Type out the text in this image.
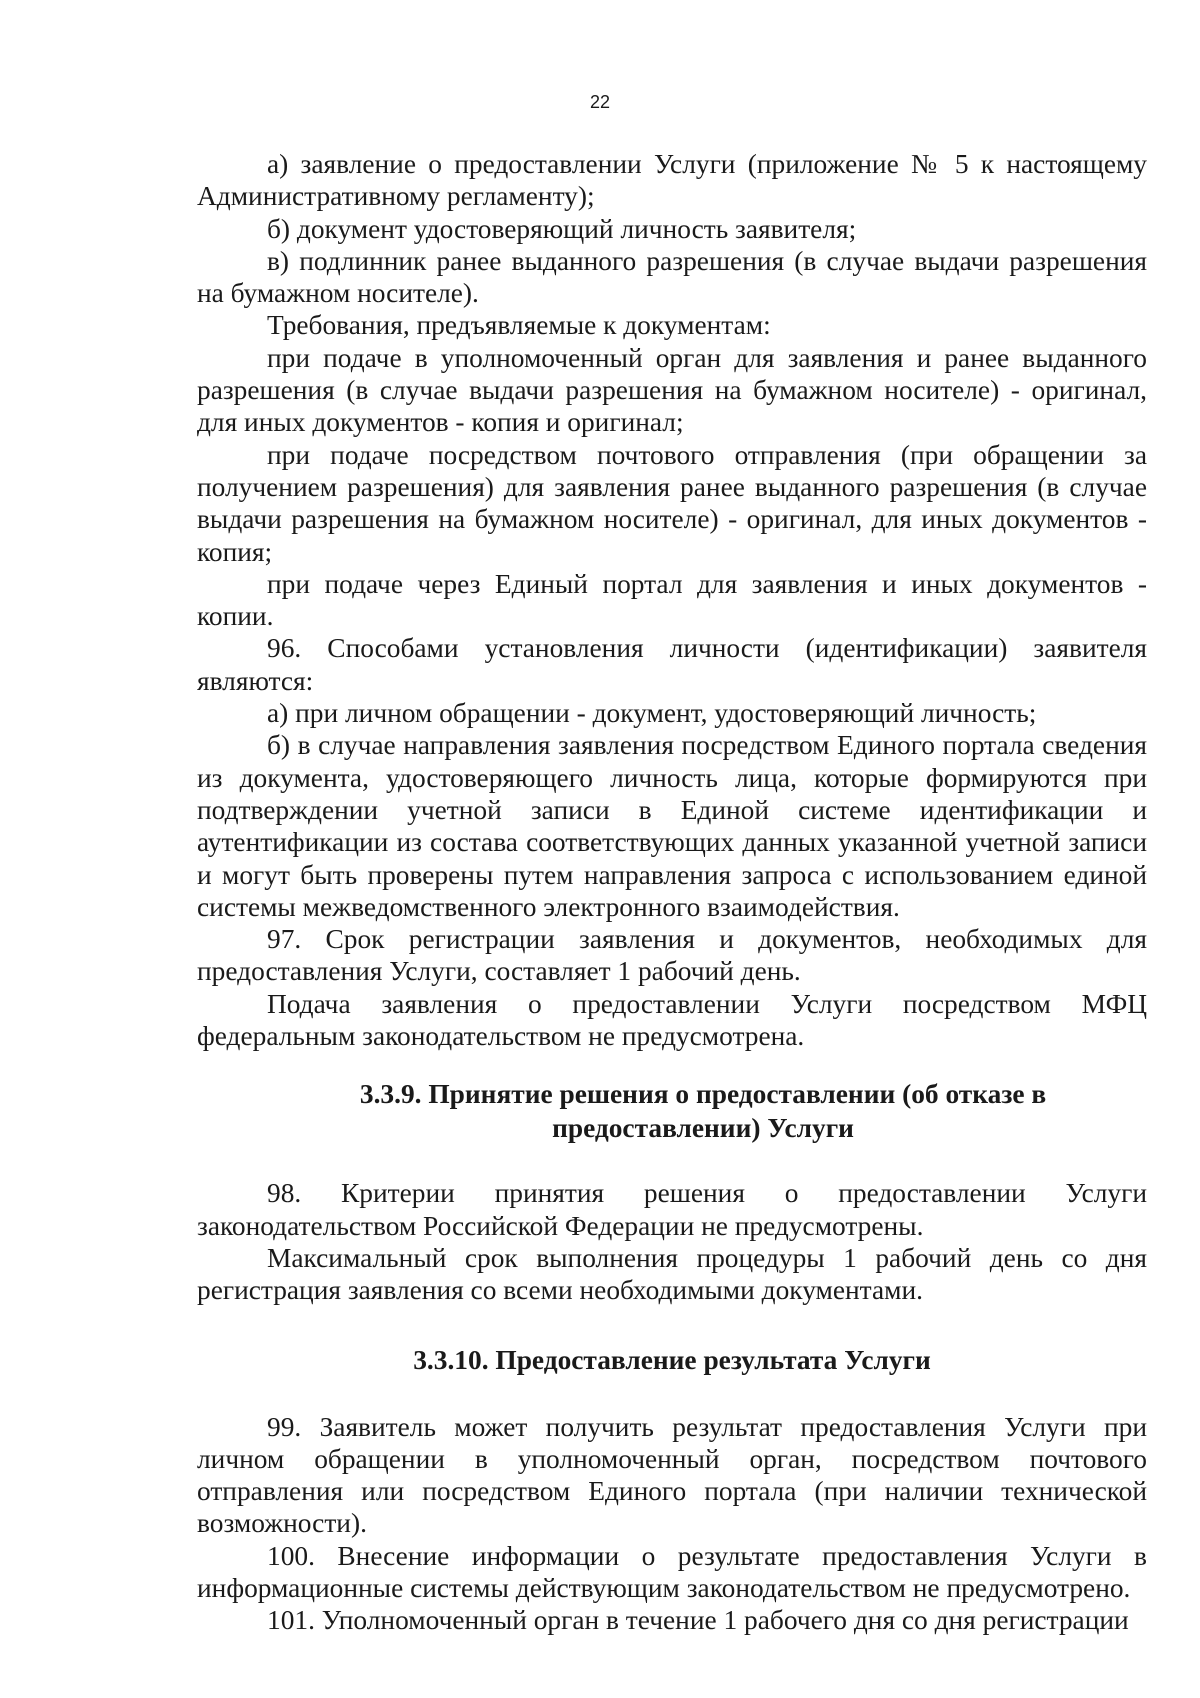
22

а) заявление о предоставлении Услуги (приложение № 5 к настоящему Административному регламенту);

б) документ удостоверяющий личность заявителя;

в) подлинник ранее выданного разрешения (в случае выдачи разрешения на бумажном носителе).

Требования, предъявляемые к документам:

при подаче в уполномоченный орган для заявления и ранее выданного разрешения (в случае выдачи разрешения на бумажном носителе) - оригинал, для иных документов - копия и оригинал;

при подаче посредством почтового отправления (при обращении за получением разрешения) для заявления ранее выданного разрешения (в случае выдачи разрешения на бумажном носителе) - оригинал, для иных документов - копия;

при подаче через Единый портал для заявления и иных документов - копии.

96. Способами установления личности (идентификации) заявителя являются:

а) при личном обращении - документ, удостоверяющий личность;

б) в случае направления заявления посредством Единого портала сведения из документа, удостоверяющего личность лица, которые формируются при подтверждении учетной записи в Единой системе идентификации и аутентификации из состава соответствующих данных указанной учетной записи и могут быть проверены путем направления запроса с использованием единой системы межведомственного электронного взаимодействия.

97. Срок регистрации заявления и документов, необходимых для предоставления Услуги, составляет 1 рабочий день.

Подача заявления о предоставлении Услуги посредством МФЦ федеральным законодательством не предусмотрена.

3.3.9. Принятие решения о предоставлении (об отказе в предоставлении) Услуги

98. Критерии принятия решения о предоставлении Услуги законодательством Российской Федерации не предусмотрены.

Максимальный срок выполнения процедуры 1 рабочий день со дня регистрация заявления со всеми необходимыми документами.

3.3.10. Предоставление результата Услуги

99. Заявитель может получить результат предоставления Услуги при личном обращении в уполномоченный орган, посредством почтового отправления или посредством Единого портала (при наличии технической возможности).

100. Внесение информации о результате предоставления Услуги в информационные системы действующим законодательством не предусмотрено.

101. Уполномоченный орган в течение 1 рабочего дня со дня регистрации
